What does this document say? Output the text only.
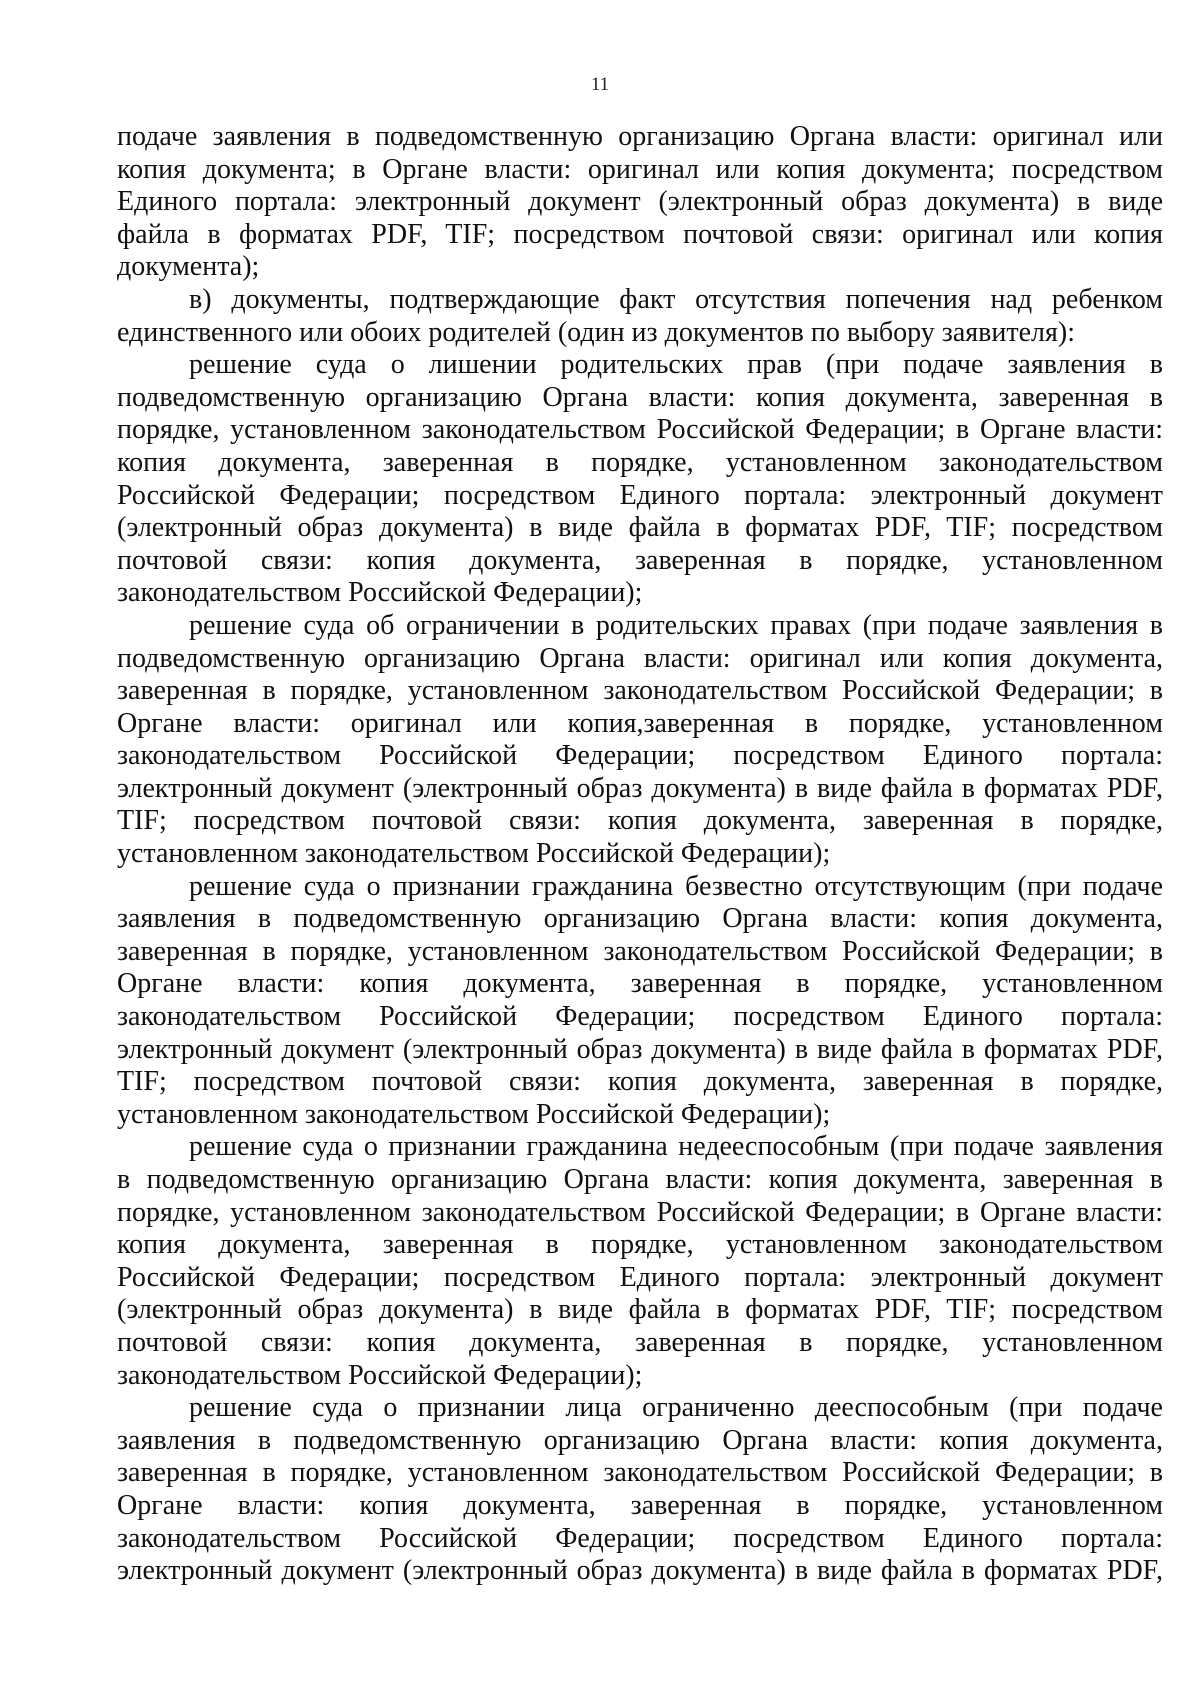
11
подаче заявления в подведомственную организацию Органа власти: оригинал или
копия документа; в Органе власти: оригинал или копия документа; посредством
Единого портала: электронный документ (электронный образ документа) в виде
файла в форматах PDF, TIF; посредством почтовой связи: оригинал или копия
документа);
в) документы, подтверждающие факт отсутствия попечения над ребенком
единственного или обоих родителей (один из документов по выбору заявителя):
решение суда о лишении родительских прав (при подаче заявления в
подведомственную организацию Органа власти: копия документа, заверенная в
порядке, установленном законодательством Российской Федерации; в Органе власти:
копия документа, заверенная в порядке, установленном законодательством
Российской Федерации; посредством Единого портала: электронный документ
(электронный образ документа) в виде файла в форматах PDF, TIF; посредством
почтовой связи: копия документа, заверенная в порядке, установленном
законодательством Российской Федерации);
решение суда об ограничении в родительских правах (при подаче заявления в
подведомственную организацию Органа власти: оригинал или копия документа,
заверенная в порядке, установленном законодательством Российской Федерации; в
Органе власти: оригинал или копия,заверенная в порядке, установленном
законодательством Российской Федерации; посредством Единого портала:
электронный документ (электронный образ документа) в виде файла в форматах PDF,
TIF; посредством почтовой связи: копия документа, заверенная в порядке,
установленном законодательством Российской Федерации);
решение суда о признании гражданина безвестно отсутствующим (при подаче
заявления в подведомственную организацию Органа власти: копия документа,
заверенная в порядке, установленном законодательством Российской Федерации; в
Органе власти: копия документа, заверенная в порядке, установленном
законодательством Российской Федерации; посредством Единого портала:
электронный документ (электронный образ документа) в виде файла в форматах PDF,
TIF; посредством почтовой связи: копия документа, заверенная в порядке,
установленном законодательством Российской Федерации);
решение суда о признании гражданина недееспособным (при подаче заявления
в подведомственную организацию Органа власти: копия документа, заверенная в
порядке, установленном законодательством Российской Федерации; в Органе власти:
копия документа, заверенная в порядке, установленном законодательством
Российской Федерации; посредством Единого портала: электронный документ
(электронный образ документа) в виде файла в форматах PDF, TIF; посредством
почтовой связи: копия документа, заверенная в порядке, установленном
законодательством Российской Федерации);
решение суда о признании лица ограниченно дееспособным (при подаче
заявления в подведомственную организацию Органа власти: копия документа,
заверенная в порядке, установленном законодательством Российской Федерации; в
Органе власти: копия документа, заверенная в порядке, установленном
законодательством Российской Федерации; посредством Единого портала:
электронный документ (электронный образ документа) в виде файла в форматах PDF,
